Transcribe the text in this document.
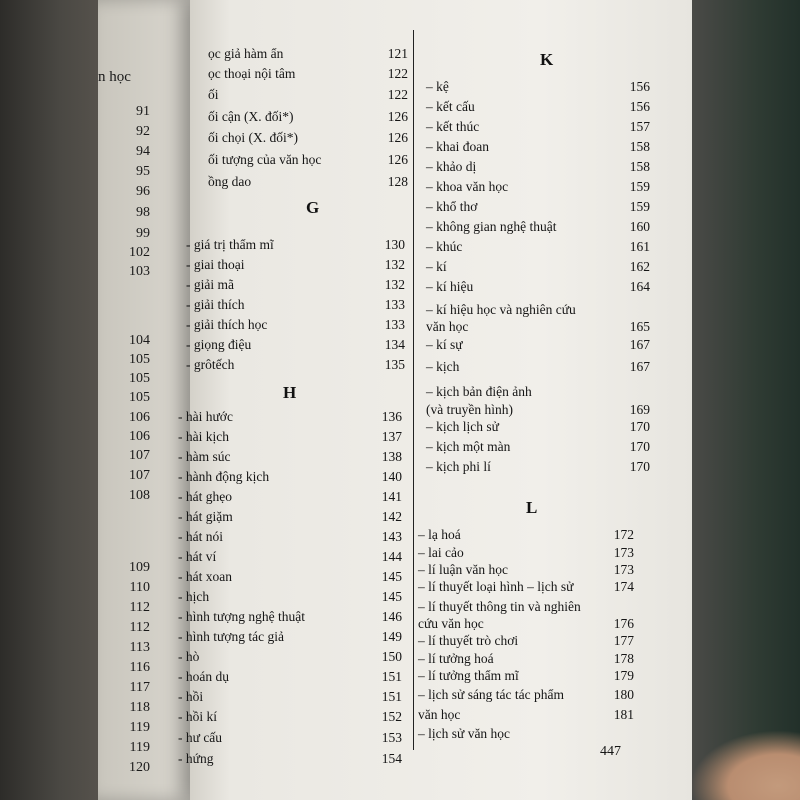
n học
91
92
94
95
96
98
99
102
103
104
105
105
105
106
106
107
107
108
109
110
112
112
113
116
117
118
119
119
120
ọc giả hàm ẩn	121
ọc thoại nội tâm	122
ối	122
ối cận (X. đối*)	126
ối chọi (X. đối*)	126
ối tượng của văn học	126
ồng dao	128
- giá trị thẩm mĩ	130
- giai thoại	132
- giải mã	132
- giải thích	133
- giải thích học	133
- giọng điệu	134
- grôtếch	135
- hài hước	136
- hài kịch	137
- hàm súc	138
- hành động kịch	140
- hát ghẹo	141
- hát giặm	142
- hát nói	143
- hát ví	144
- hát xoan	145
- hịch	145
- hình tượng nghệ thuật	146
- hình tượng tác giả	149
- hò	150
- hoán dụ	151
- hồi	151
- hồi kí	152
- hư cấu	153
- hứng	154
– kệ	156
– kết cấu	156
– kết thúc	157
– khai đoan	158
– khảo dị	158
– khoa văn học	159
– khổ thơ	159
– không gian nghệ thuật	160
– khúc	161
– kí	162
– kí hiệu	164
– kí hiệu học và nghiên cứu
văn học	165
– kí sự	167
– kịch	167
– kịch bản điện ảnh
(và truyền hình)	169
– kịch lịch sử	170
– kịch một màn	170
– kịch phi lí	170
– lạ hoá	172
– lai cảo	173
– lí luận văn học	173
– lí thuyết loại hình – lịch sử	174
– lí thuyết thông tin và nghiên
cứu văn học	176
– lí thuyết trò chơi	177
– lí tưởng hoá	178
– lí tưởng thẩm mĩ	179
– lịch sử sáng tác tác phẩm	180
văn học	181
– lịch sử văn học
G
H
K
L
447
